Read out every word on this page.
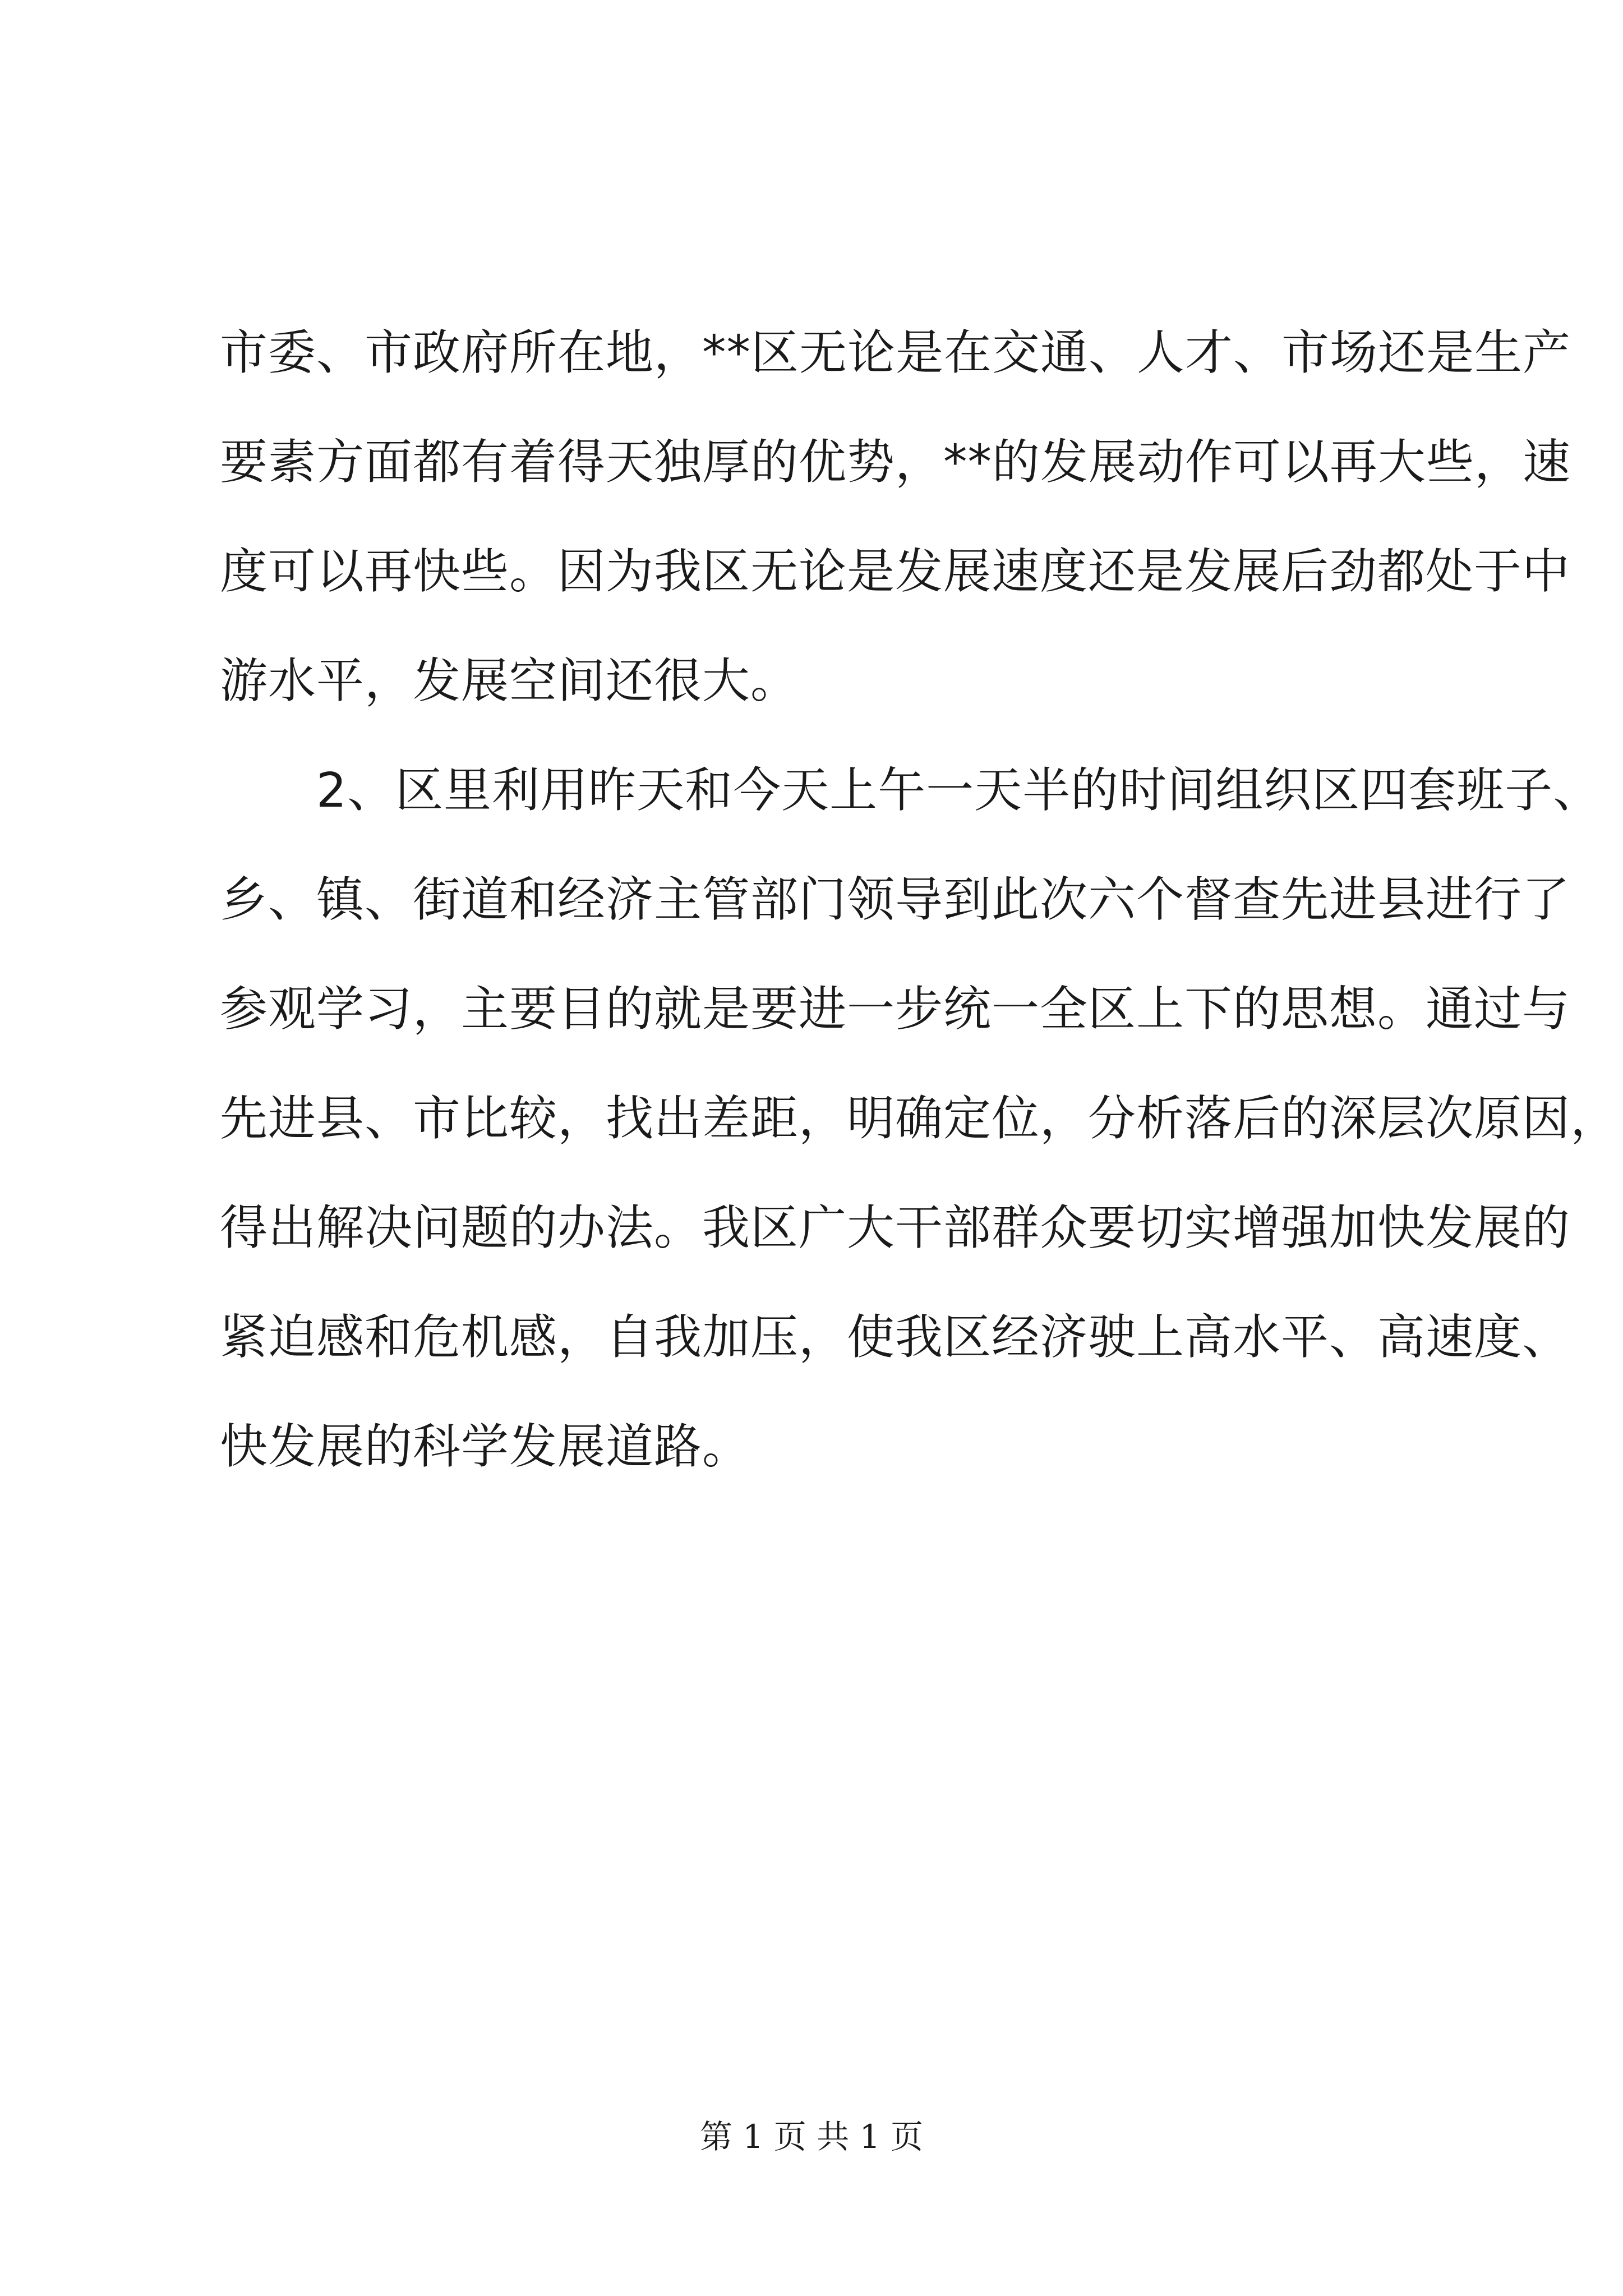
市委、市政府所在地，**区无论是在交通、人才、市场还是生产
要素方面都有着得天独厚的优势，**的发展动作可以再大些，速
度可以再快些。因为我区无论是发展速度还是发展后劲都处于中
游水平，发展空间还很大。
　　2、区里利用昨天和今天上午一天半的时间组织区四套班子、
乡、镇、街道和经济主管部门领导到此次六个督查先进县进行了
参观学习，主要目的就是要进一步统一全区上下的思想。通过与
先进县、市比较，找出差距，明确定位，分析落后的深层次原因，
得出解决问题的办法。我区广大干部群众要切实增强加快发展的
紧迫感和危机感，自我加压，使我区经济驶上高水平、高速度、
快发展的科学发展道路。
第 1 页 共 1 页
